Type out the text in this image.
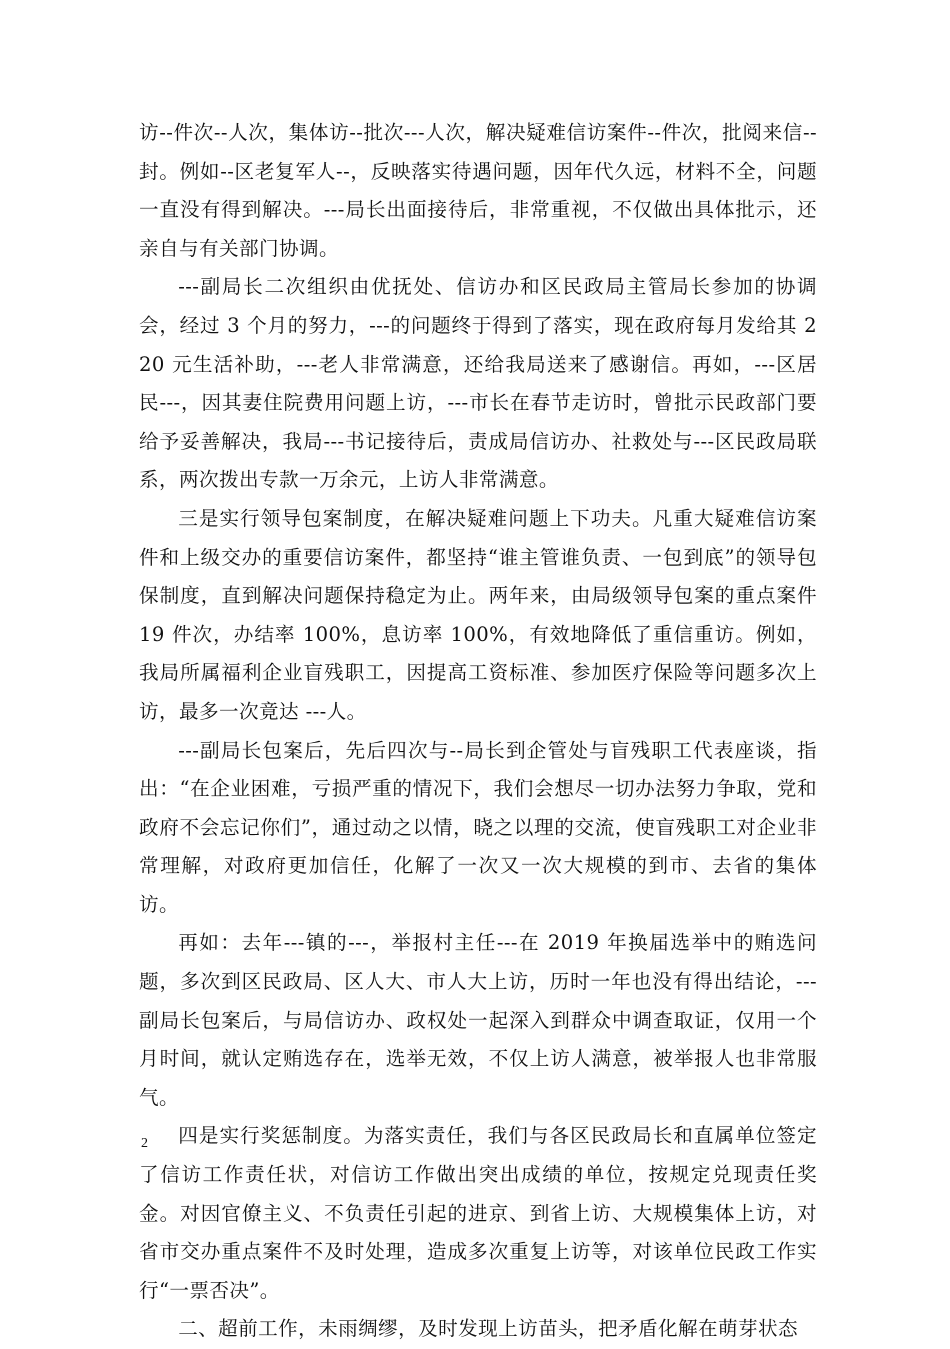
访--件次--人次，集体访--批次---人次，解决疑难信访案件--件次，批阅来信--封。例如--区老复军人--，反映落实待遇问题，因年代久远，材料不全，问题一直没有得到解决。---局长出面接待后，非常重视，不仅做出具体批示，还亲自与有关部门协调。

---副局长二次组织由优抚处、信访办和区民政局主管局长参加的协调会，经过 3 个月的努力，---的问题终于得到了落实，现在政府每月发给其 220 元生活补助，---老人非常满意，还给我局送来了感谢信。再如，---区居民---，因其妻住院费用问题上访，---市长在春节走访时，曾批示民政部门要给予妥善解决，我局---书记接待后，责成局信访办、社救处与---区民政局联系，两次拨出专款一万余元，上访人非常满意。

三是实行领导包案制度，在解决疑难问题上下功夫。凡重大疑难信访案件和上级交办的重要信访案件，都坚持“谁主管谁负责、一包到底”的领导包保制度，直到解决问题保持稳定为止。两年来，由局级领导包案的重点案件 19 件次，办结率 100%，息访率 100%，有效地降低了重信重访。例如，我局所属福利企业盲残职工，因提高工资标准、参加医疗保险等问题多次上访，最多一次竟达 ---人。

---副局长包案后，先后四次与--局长到企管处与盲残职工代表座谈，指出：“在企业困难，亏损严重的情况下，我们会想尽一切办法努力争取，党和政府不会忘记你们”，通过动之以情，晓之以理的交流，使盲残职工对企业非常理解，对政府更加信任，化解了一次又一次大规模的到市、去省的集体访。

再如：去年---镇的---，举报村主任---在 2019 年换届选举中的贿选问题，多次到区民政局、区人大、市人大上访，历时一年也没有得出结论，---副局长包案后，与局信访办、政权处一起深入到群众中调查取证，仅用一个月时间，就认定贿选存在，选举无效，不仅上访人满意，被举报人也非常服气。

四是实行奖惩制度。为落实责任，我们与各区民政局长和直属单位签定了信访工作责任状，对信访工作做出突出成绩的单位，按规定兑现责任奖金。对因官僚主义、不负责任引起的进京、到省上访、大规模集体上访，对省市交办重点案件不及时处理，造成多次重复上访等，对该单位民政工作实行“一票否决”。

二、超前工作，未雨绸缪，及时发现上访苗头，把矛盾化解在萌芽状态

2
